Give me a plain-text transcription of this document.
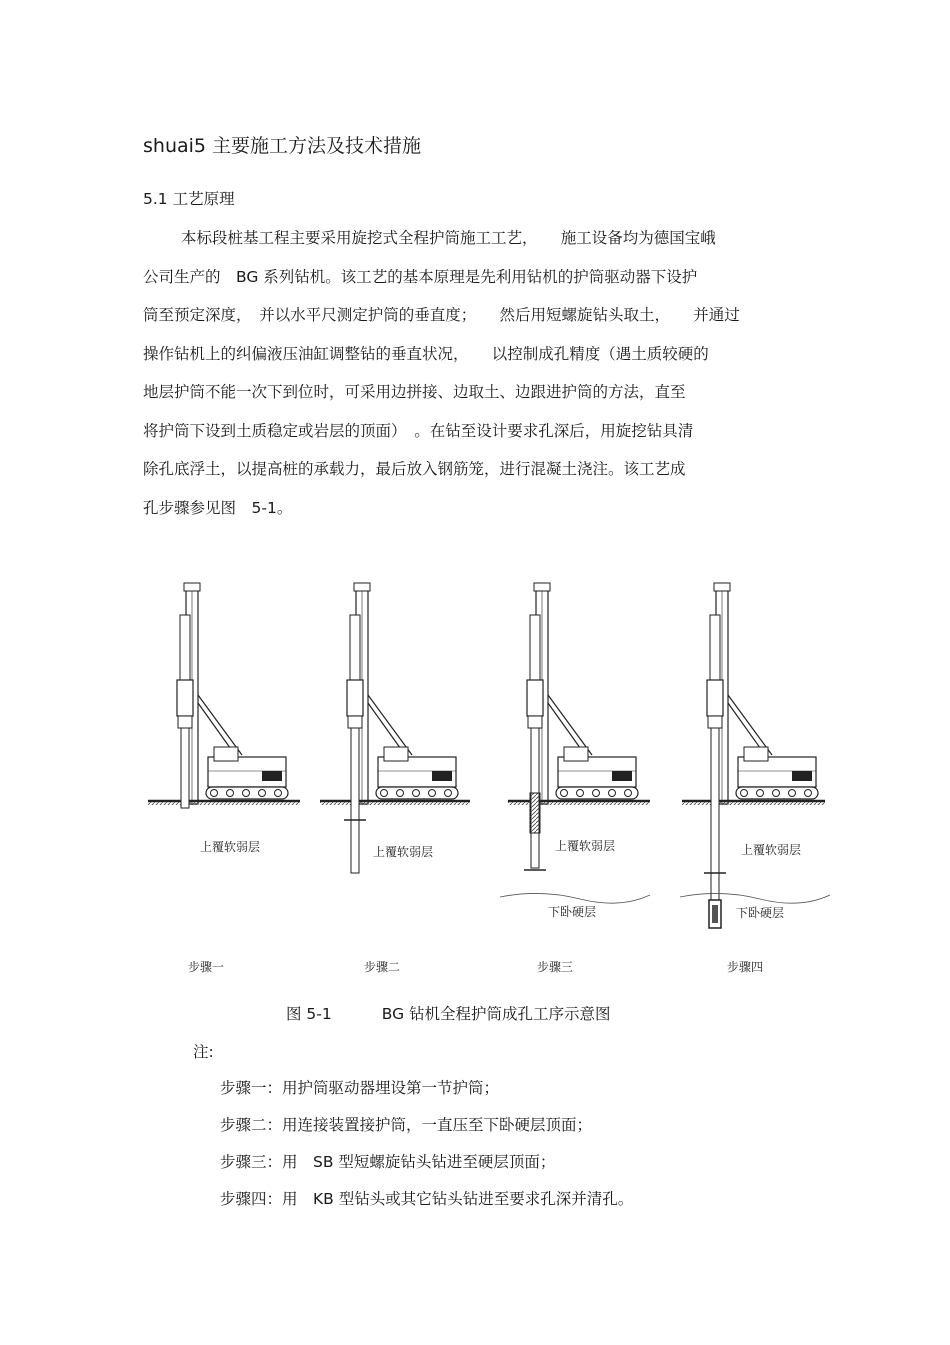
shuai5 主要施工方法及技术措施
5.1 工艺原理
本标段桩基工程主要采用旋挖式全程护筒施工工艺，　　施工设备均为德国宝峨
公司生产的　BG 系列钻机。该工艺的基本原理是先利用钻机的护筒驱动器下设护
筒至预定深度，　并以水平尺测定护筒的垂直度；　　然后用短螺旋钻头取土，　　并通过
操作钻机上的纠偏液压油缸调整钻的垂直状况，　　以控制成孔精度（遇土质较硬的
地层护筒不能一次下到位时，可采用边拼接、边取土、边跟进护筒的方法，直至
将护筒下设到土质稳定或岩层的顶面）　。在钻至设计要求孔深后，用旋挖钻具清
除孔底浮土，以提高桩的承载力，最后放入钢筋笼，进行混凝土浇注。该工艺成
孔步骤参见图　5-1。
上覆软弱层	上覆软弱层	上覆软弱层
下卧硬层
上覆软弱层
下卧硬层
步骤一	步骤二	步骤三	步骤四
图 5-1	BG 钻机全程护筒成孔工序示意图
注:
步骤一：用护筒驱动器埋设第一节护筒；
步骤二：用连接装置接护筒，一直压至下卧硬层顶面；
步骤三：用　SB 型短螺旋钻头钻进至硬层顶面；
步骤四：用　KB 型钻头或其它钻头钻进至要求孔深并清孔。
